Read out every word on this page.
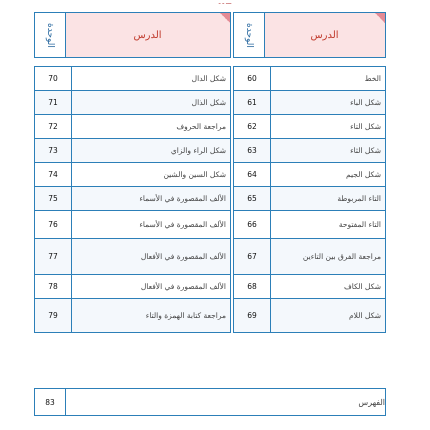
ـــ ـ ـ
الوحدة	الدرس
70	شكل الدال
71	شكل الذال
72	مراجعة الحروف
73	شكل الراء والزاي
74	شكل السين والشين
75	الألف المقصورة في الأسماء
76	الألف المقصورة في الأسماء
77	الألف المقصورة في الأفعال
78	الألف المقصورة في الأفعال
79	مراجعة كتابة الهمزة والتاء
الوحدة	الدرس
60	الخط
61	شكل الباء
62	شكل التاء
63	شكل الثاء
64	شكل الجيم
65	التاء المربوطة
66	التاء المفتوحة
67	مراجعة الفرق بين التاءين
68	شكل الكاف
69	شكل اللام
83	الفهرس
